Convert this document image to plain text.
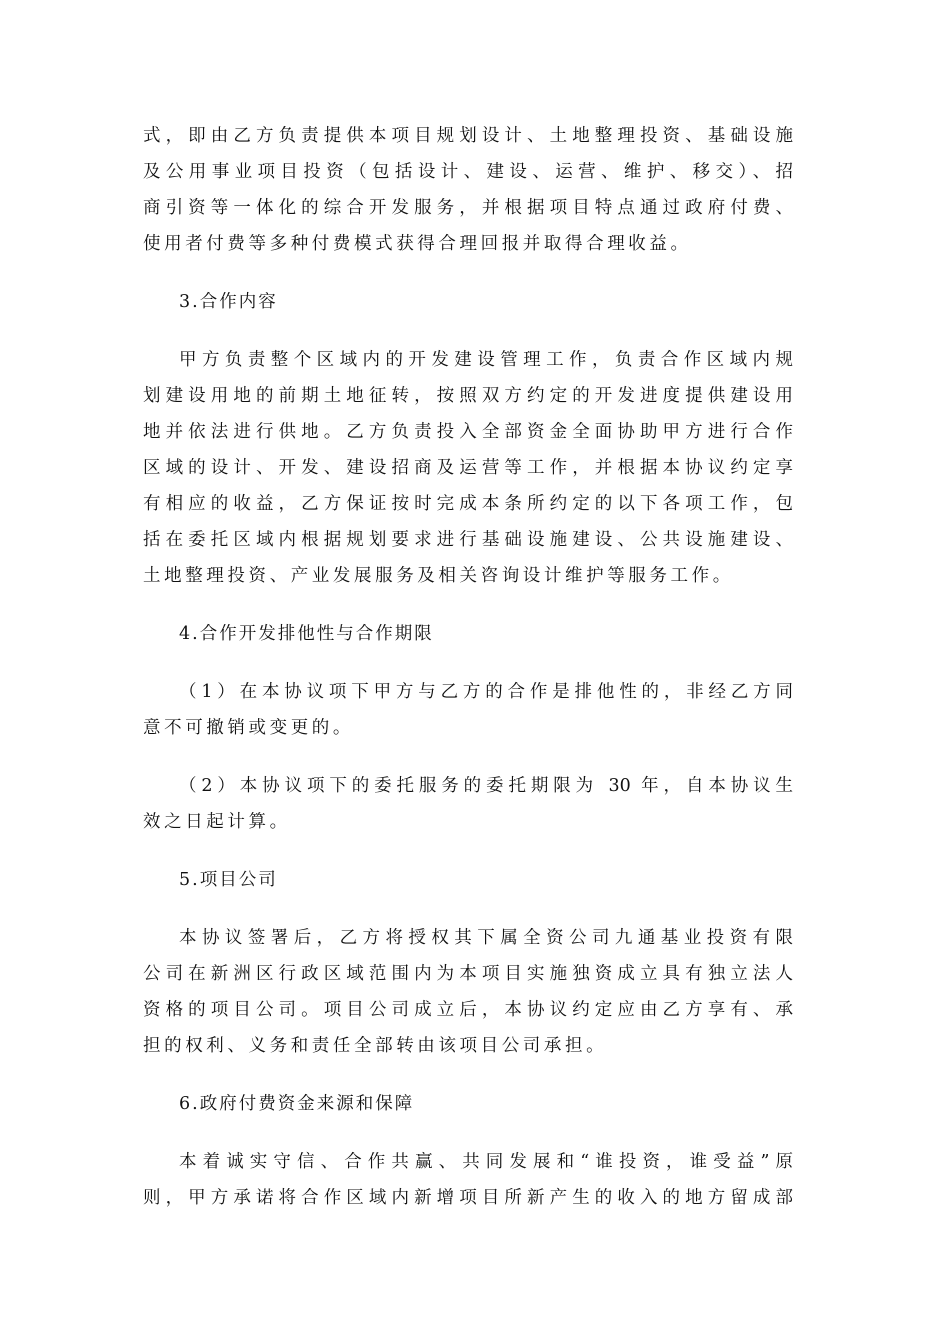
式，即由乙方负责提供本项目规划设计、土地整理投资、基础设施
及公用事业项目投资（包括设计、建设、运营、维护、移交）、招
商引资等一体化的综合开发服务，并根据项目特点通过政府付费、
使用者付费等多种付费模式获得合理回报并取得合理收益。
3.合作内容
甲方负责整个区域内的开发建设管理工作，负责合作区域内规
划建设用地的前期土地征转，按照双方约定的开发进度提供建设用
地并依法进行供地。乙方负责投入全部资金全面协助甲方进行合作
区域的设计、开发、建设招商及运营等工作，并根据本协议约定享
有相应的收益，乙方保证按时完成本条所约定的以下各项工作，包
括在委托区域内根据规划要求进行基础设施建设、公共设施建设、
土地整理投资、产业发展服务及相关咨询设计维护等服务工作。
4.合作开发排他性与合作期限
（1）在本协议项下甲方与乙方的合作是排他性的，非经乙方同
意不可撤销或变更的。
（2）本协议项下的委托服务的委托期限为 30 年，自本协议生
效之日起计算。
5.项目公司
本协议签署后，乙方将授权其下属全资公司九通基业投资有限
公司在新洲区行政区域范围内为本项目实施独资成立具有独立法人
资格的项目公司。项目公司成立后，本协议约定应由乙方享有、承
担的权利、义务和责任全部转由该项目公司承担。
6.政府付费资金来源和保障
本着诚实守信、合作共赢、共同发展和“谁投资，谁受益”原
则，甲方承诺将合作区域内新增项目所新产生的收入的地方留成部
